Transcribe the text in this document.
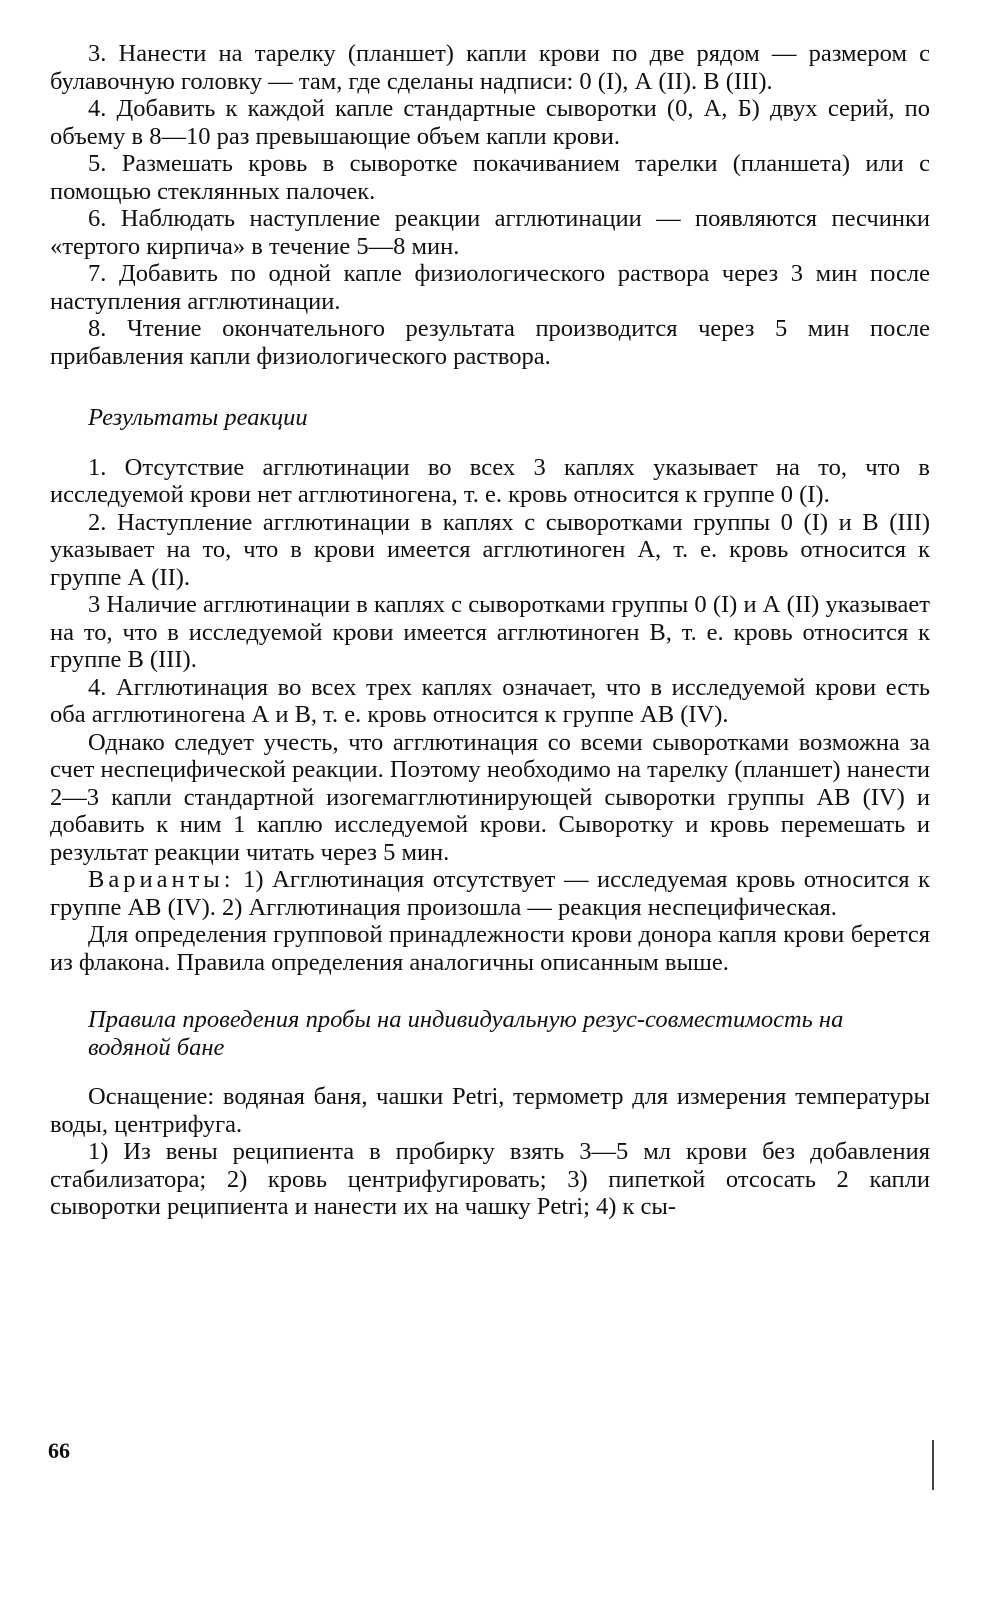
3. Нанести на тарелку (планшет) капли крови по две рядом — размером с булавочную головку — там, где сделаны надписи: 0 (I), А (II). В (III).

4. Добавить к каждой капле стандартные сыворотки (0, А, Б) двух серий, по объему в 8—10 раз превышающие объем капли крови.

5. Размешать кровь в сыворотке покачиванием тарелки (планшета) или с помощью стеклянных палочек.

6. Наблюдать наступление реакции агглютинации — появляются песчинки «тертого кирпича» в течение 5—8 мин.

7. Добавить по одной капле физиологического раствора через 3 мин после наступления агглютинации.

8. Чтение окончательного результата производится через 5 мин после прибавления капли физиологического раствора.

Результаты реакции

1. Отсутствие агглютинации во всех 3 каплях указывает на то, что в исследуемой крови нет агглютиногена, т. е. кровь относится к группе 0 (I).

2. Наступление агглютинации в каплях с сыворотками группы 0 (I) и В (III) указывает на то, что в крови имеется агглютиноген А, т. е. кровь относится к группе А (II).

3 Наличие агглютинации в каплях с сыворотками группы 0 (I) и А (II) указывает на то, что в исследуемой крови имеется агглютиноген В, т. е. кровь относится к группе В (III).

4. Агглютинация во всех трех каплях означает, что в исследуемой крови есть оба агглютиногена А и В, т. е. кровь относится к группе АВ (IV).

Однако следует учесть, что агглютинация со всеми сыворотками возможна за счет неспецифической реакции. Поэтому необходимо на тарелку (планшет) нанести 2—3 капли стандартной изогемагглютинирующей сыворотки группы АВ (IV) и добавить к ним 1 каплю исследуемой крови. Сыворотку и кровь перемешать и результат реакции читать через 5 мин.

Варианты: 1) Агглютинация отсутствует — исследуемая кровь относится к группе АВ (IV). 2) Агглютинация произошла — реакция неспецифическая.

Для определения групповой принадлежности крови донора капля крови берется из флакона. Правила определения аналогичны описанным выше.

Правила проведения пробы на индивидуальную резус-совместимость на водяной бане

Оснащение: водяная баня, чашки Petri, термометр для измерения температуры воды, центрифуга.

1) Из вены реципиента в пробирку взять 3—5 мл крови без добавления стабилизатора; 2) кровь центрифугировать; 3) пипеткой отсосать 2 капли сыворотки реципиента и нанести их на чашку Petri; 4) к сы-

66
